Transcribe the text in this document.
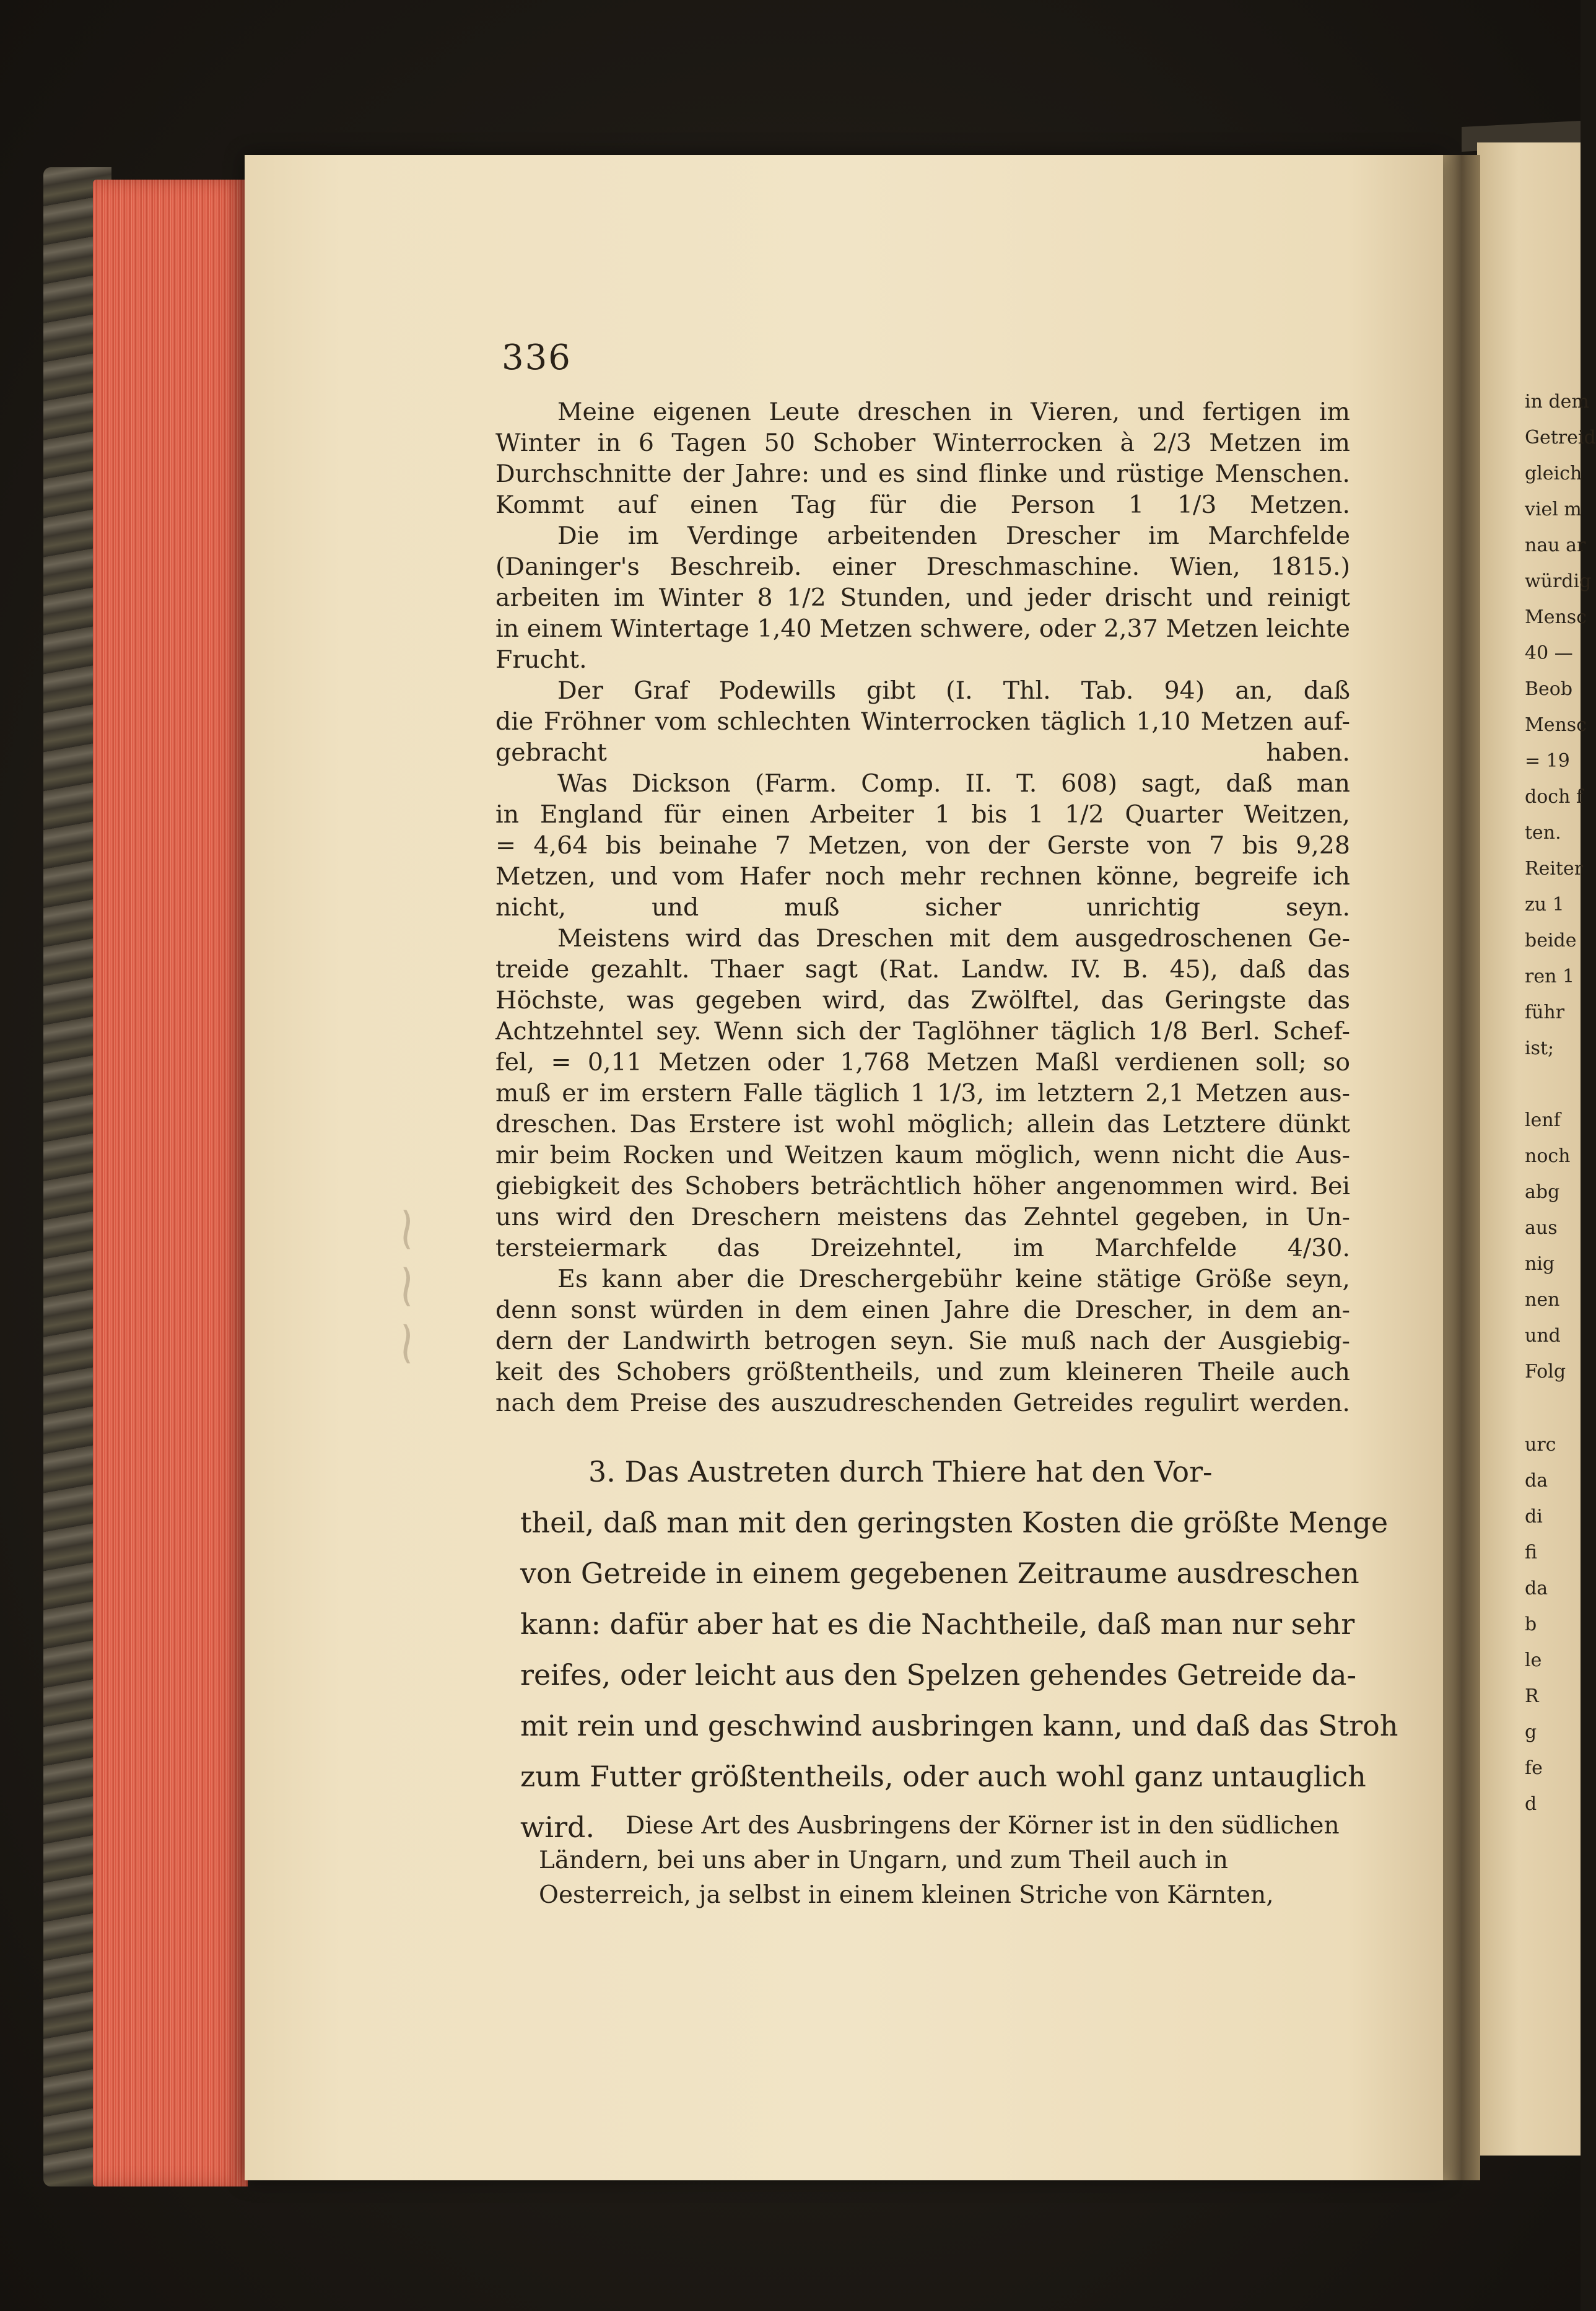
⁓ ⁓ ⁓
336
Meine eigenen Leute dreschen in Vieren, und fertigen im
Winter in 6 Tagen 50 Schober Winterrocken à 2/3 Metzen im
Durchschnitte der Jahre: und es sind flinke und rüstige Menschen.
Kommt auf einen Tag für die Person 1 1/3 Metzen.
Die im Verdinge arbeitenden Drescher im Marchfelde
(Daninger's Beschreib. einer Dreschmaschine. Wien, 1815.)
arbeiten im Winter 8 1/2 Stunden, und jeder drischt und reinigt
in einem Wintertage 1,40 Metzen schwere, oder 2,37 Metzen leichte
Frucht.
Der Graf Podewills gibt (I. Thl. Tab. 94) an, daß
die Fröhner vom schlechten Winterrocken täglich 1,10 Metzen auf-
gebracht haben.
Was Dickson (Farm. Comp. II. T. 608) sagt, daß man
in England für einen Arbeiter 1 bis 1 1/2 Quarter Weitzen,
= 4,64 bis beinahe 7 Metzen, von der Gerste von 7 bis 9,28
Metzen, und vom Hafer noch mehr rechnen könne, begreife ich
nicht, und muß sicher unrichtig seyn.
Meistens wird das Dreschen mit dem ausgedroschenen Ge-
treide gezahlt. Thaer sagt (Rat. Landw. IV. B. 45), daß das
Höchste, was gegeben wird, das Zwölftel, das Geringste das
Achtzehntel sey. Wenn sich der Taglöhner täglich 1/8 Berl. Schef-
fel, = 0,11 Metzen oder 1,768 Metzen Maßl verdienen soll; so
muß er im erstern Falle täglich 1 1/3, im letztern 2,1 Metzen aus-
dreschen. Das Erstere ist wohl möglich; allein das Letztere dünkt
mir beim Rocken und Weitzen kaum möglich, wenn nicht die Aus-
giebigkeit des Schobers beträchtlich höher angenommen wird. Bei
uns wird den Dreschern meistens das Zehntel gegeben, in Un-
tersteiermark das Dreizehntel, im Marchfelde 4/30.
Es kann aber die Dreschergebühr keine stätige Größe seyn,
denn sonst würden in dem einen Jahre die Drescher, in dem an-
dern der Landwirth betrogen seyn. Sie muß nach der Ausgiebig-
keit des Schobers größtentheils, und zum kleineren Theile auch
nach dem Preise des auszudreschenden Getreides regulirt werden.
3. Das Austreten durch Thiere hat den Vor-
theil, daß man mit den geringsten Kosten die größte Menge
von Getreide in einem gegebenen Zeitraume ausdreschen
kann: dafür aber hat es die Nachtheile, daß man nur sehr
reifes, oder leicht aus den Spelzen gehendes Getreide da-
mit rein und geschwind ausbringen kann, und daß das Stroh
zum Futter größtentheils, oder auch wohl ganz untauglich
wird.	Diese Art des Ausbringens der Körner ist in den südlichen
Ländern, bei uns aber in Ungarn, und zum Theil auch in
Oesterreich, ja selbst in einem kleinen Striche von Kärnten,
in dem
Getreid
gleich
viel m
nau ar
würdig
Mensc
40 —
Beob
Mensc
= 19
doch f
ten.
Reiter
zu 1
beide
ren 1
führ
ist;
lenf
noch
abg
aus
nig
nen
und
Folg
urc
da
di
fi
da
b
le
R
g
fe
d
